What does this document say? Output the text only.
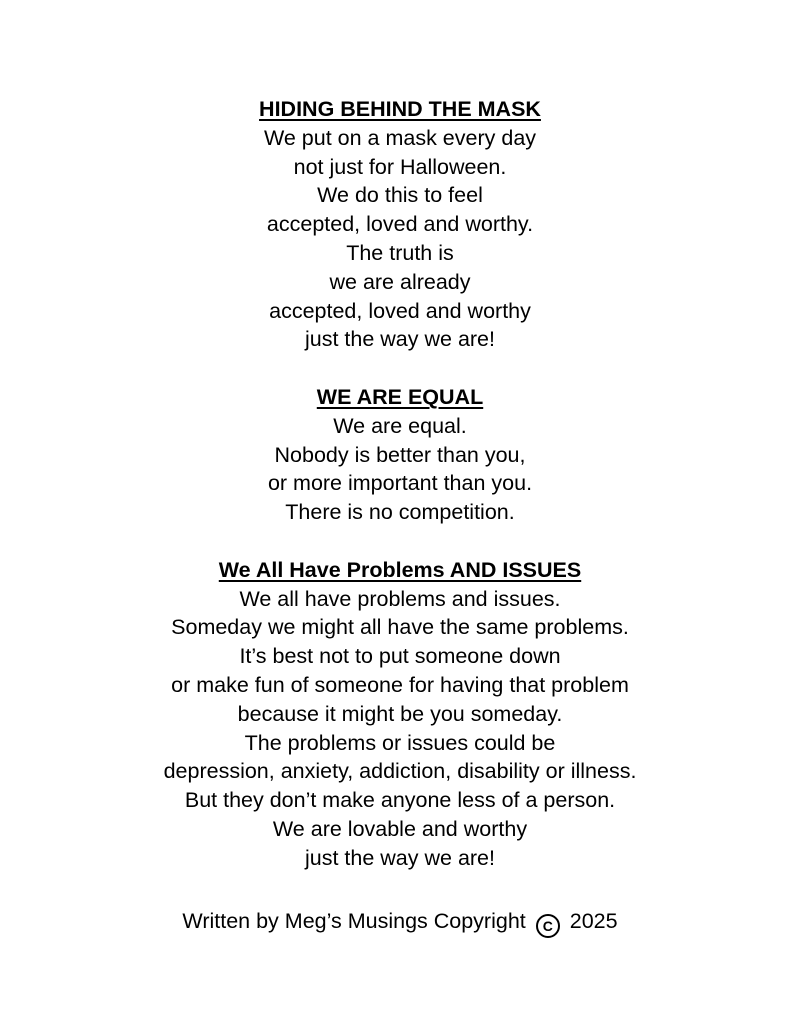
HIDING BEHIND THE MASK
We put on a mask every day
not just for Halloween.
We do this to feel
accepted, loved and worthy.
The truth is
we are already
accepted, loved and worthy
just the way we are!
WE ARE EQUAL
We are equal.
Nobody is better than you,
or more important than you.
There is no competition.
We All Have Problems AND ISSUES
We all have problems and issues.
Someday we might all have the same problems.
It’s best not to put someone down
or make fun of someone for having that problem
because it might be you someday.
The problems or issues could be
depression, anxiety, addiction, disability or illness.
But they don’t make anyone less of a person.
We are lovable and worthy
just the way we are!
Written by Meg’s Musings Copyright C 2025
